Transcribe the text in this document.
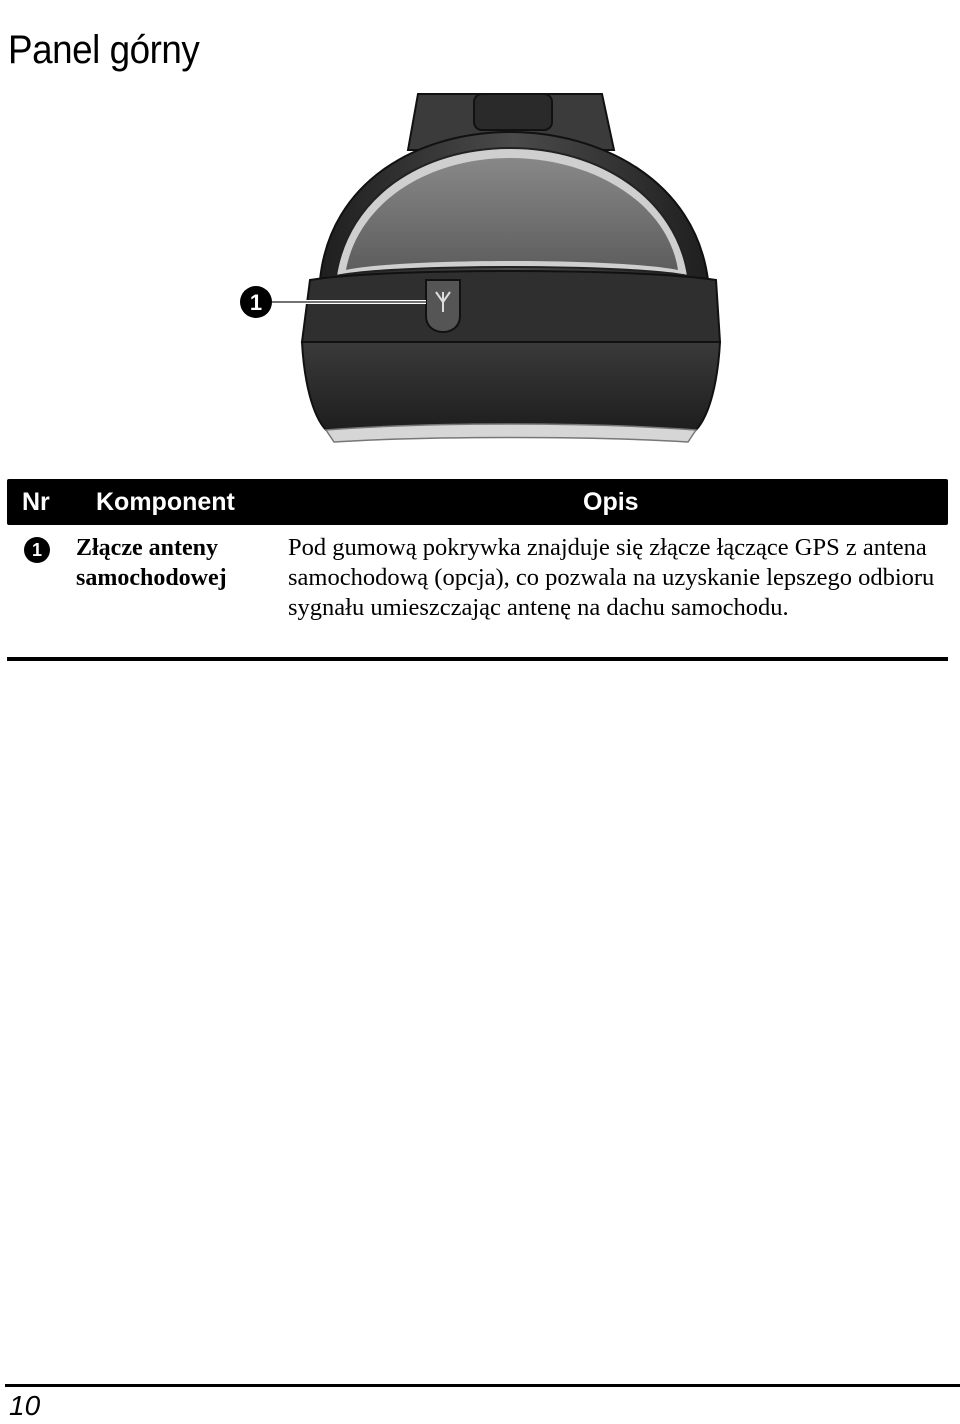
Panel górny
1
Nr Komponent	Opis
1	Złącze anteny samochodowej
Pod gumową pokrywka znajduje się złącze łączące GPS z antena samochodową (opcja), co pozwala na uzyskanie lepszego odbioru sygnału umieszczając antenę na dachu samochodu.
10
